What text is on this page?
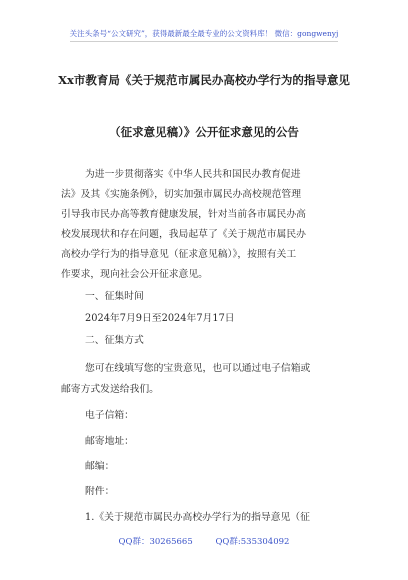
关注头条号“公文研究”，获得最新最全最专业的公文资料库！ 微信：gongwenyj
Xx市教育局《关于规范市属民办高校办学行为的指导意见
（征求意见稿）》公开征求意见的公告
为进一步贯彻落实《中华人民共和国民办教育促进
法》及其《实施条例》，切实加强市属民办高校规范管理
引导我市民办高等教育健康发展，针对当前各市属民办高
校发展现状和存在问题，我局起草了《关于规范市属民办
高校办学行为的指导意见（征求意见稿）》，按照有关工
作要求，现向社会公开征求意见。
一、征集时间
2024年7月9日至2024年7月17日
二、征集方式
您可在线填写您的宝贵意见，也可以通过电子信箱或
邮寄方式发送给我们。
电子信箱：
邮寄地址：
邮编：
附件：
1.《关于规范市属民办高校办学行为的指导意见（征
QQ群：30265665	QQ群:535304092
